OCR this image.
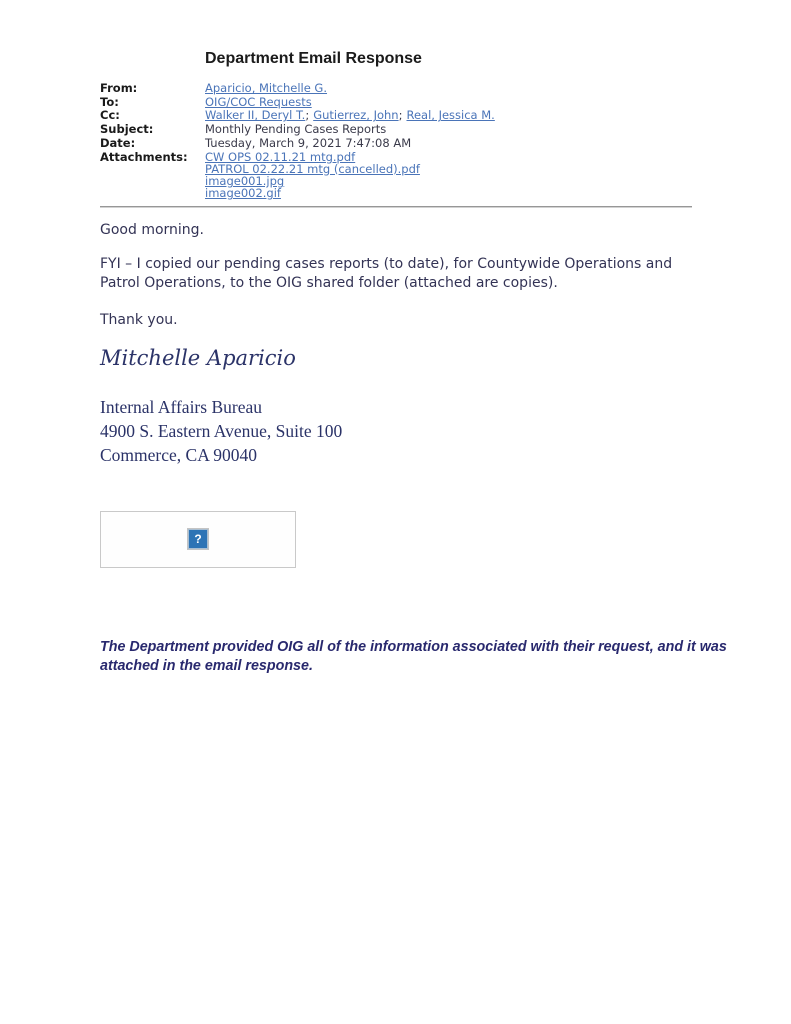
Department Email Response
From:	Aparicio, Mitchelle G.
To:	OIG/COC Requests
Cc:	Walker II, Deryl T.; Gutierrez, John; Real, Jessica M.
Subject:	Monthly Pending Cases Reports
Date:	Tuesday, March 9, 2021 7:47:08 AM
Attachments:	CW OPS 02.11.21 mtg.pdf
PATROL 02.22.21 mtg (cancelled).pdf
image001.jpg
image002.gif
Good morning.
FYI – I copied our pending cases reports (to date), for Countywide Operations and Patrol Operations, to the OIG shared folder (attached are copies).
Thank you.
Mitchelle Aparicio
Internal Affairs Bureau
4900 S. Eastern Avenue, Suite 100
Commerce, CA 90040
?
The Department provided OIG all of the information associated with their request, and it was attached in the email response.
